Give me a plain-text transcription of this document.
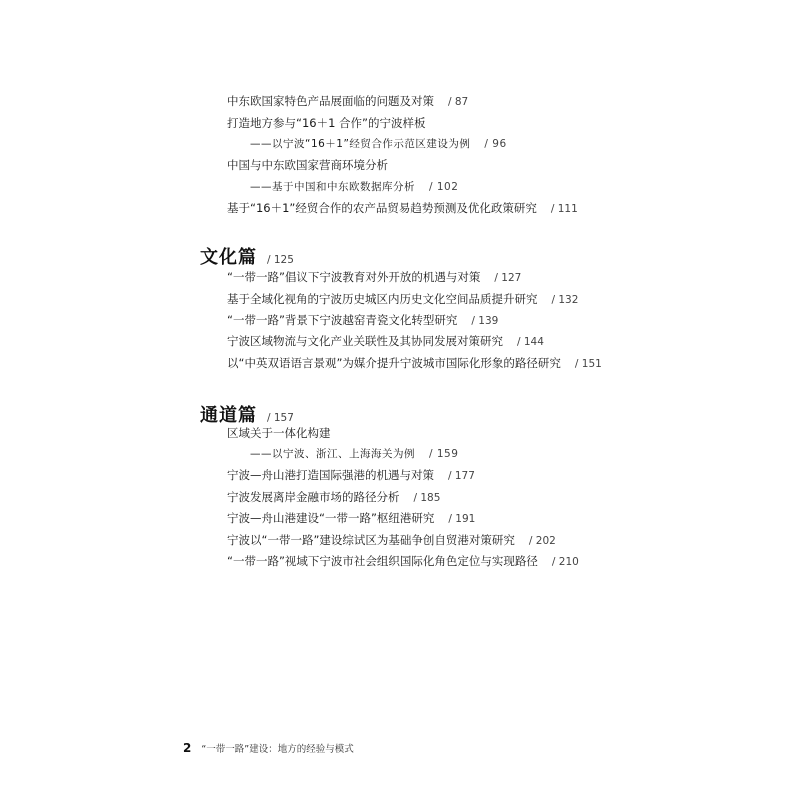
中东欧国家特色产品展面临的问题及对策 / 87
打造地方参与“16＋1 合作”的宁波样板
——以宁波“16＋1”经贸合作示范区建设为例 / 96
中国与中东欧国家营商环境分析
——基于中国和中东欧数据库分析 / 102
基于“16＋1”经贸合作的农产品贸易趋势预测及优化政策研究 / 111
文化篇 / 125
“一带一路”倡议下宁波教育对外开放的机遇与对策 / 127
基于全域化视角的宁波历史城区内历史文化空间品质提升研究 / 132
“一带一路”背景下宁波越窑青瓷文化转型研究 / 139
宁波区域物流与文化产业关联性及其协同发展对策研究 / 144
以“中英双语语言景观”为媒介提升宁波城市国际化形象的路径研究 / 151
通道篇 / 157
区域关于一体化构建
——以宁波、浙江、上海海关为例 / 159
宁波—舟山港打造国际强港的机遇与对策 / 177
宁波发展离岸金融市场的路径分析 / 185
宁波—舟山港建设“一带一路”枢纽港研究 / 191
宁波以“一带一路”建设综试区为基础争创自贸港对策研究 / 202
“一带一路”视域下宁波市社会组织国际化角色定位与实现路径 / 210
2 “一带一路”建设：地方的经验与模式
